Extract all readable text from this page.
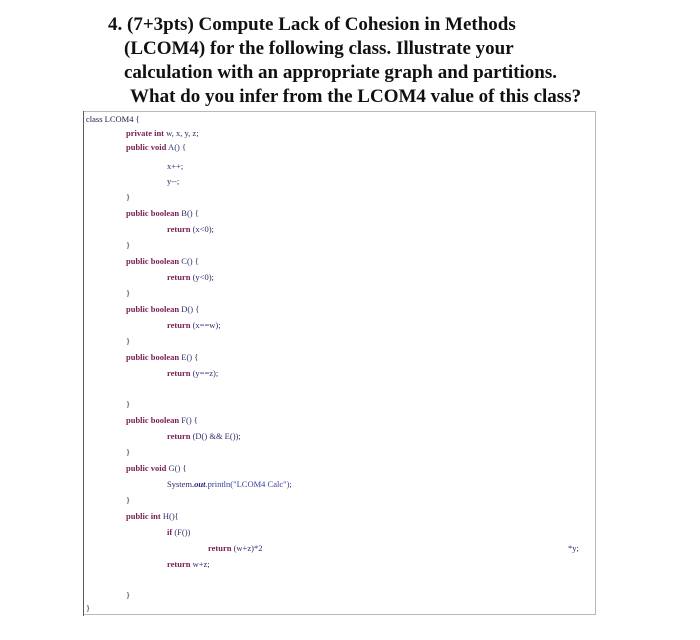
4. (7+3pts) Compute Lack of Cohesion in Methods
(LCOM4) for the following class. Illustrate your
calculation with an appropriate graph and partitions.
What do you infer from the LCOM4 value of this class?
class LCOM4 {
private int w, x, y, z;
public void A() {
x++;
y--;
}
public boolean B() {
return (x<0);
}
public boolean C() {
return (y<0);
}
public boolean D() {
return (x==w);
}
public boolean E() {
return (y==z);
}
public boolean F() {
return (D() && E());
}
public void G() {
System.out.println("LCOM4 Calc");
}
public int H(){
if (F())
return (w+z)*2	*y;
return w+z;
}
}
